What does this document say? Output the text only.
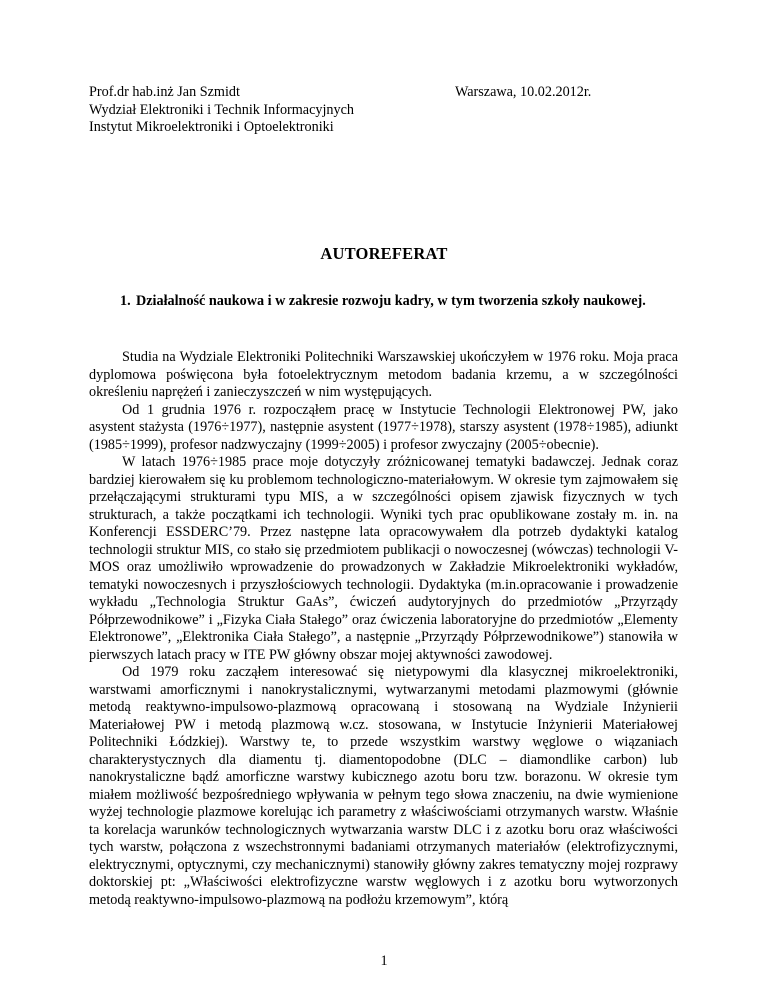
Prof.dr hab.inż Jan Szmidt
Wydział Elektroniki i Technik Informacyjnych
Instytut Mikroelektroniki i Optoelektroniki
Warszawa, 10.02.2012r.
AUTOREFERAT
1. Działalność naukowa i w zakresie rozwoju kadry, w tym tworzenia szkoły naukowej.

Studia na Wydziale Elektroniki Politechniki Warszawskiej ukończyłem w 1976 roku. Moja praca dyplomowa poświęcona była fotoelektrycznym metodom badania krzemu, a w szczególności określeniu naprężeń i zanieczyszczeń w nim występujących.

Od 1 grudnia 1976 r. rozpocząłem pracę w Instytucie Technologii Elektronowej PW, jako asystent stażysta (1976÷1977), następnie asystent (1977÷1978), starszy asystent (1978÷1985), adiunkt (1985÷1999), profesor nadzwyczajny (1999÷2005) i profesor zwyczajny (2005÷obecnie).

W latach 1976÷1985 prace moje dotyczyły zróżnicowanej tematyki badawczej. Jednak coraz bardziej kierowałem się ku problemom technologiczno-materiałowym. W okresie tym zajmowałem się przełączającymi strukturami typu MIS, a w szczególności opisem zjawisk fizycznych w tych strukturach, a także początkami ich technologii. Wyniki tych prac opublikowane zostały m. in. na Konferencji ESSDERC’79. Przez następne lata opracowywałem dla potrzeb dydaktyki katalog technologii struktur MIS, co stało się przedmiotem publikacji o nowoczesnej (wówczas) technologii V-MOS oraz umożliwiło wprowadzenie do prowadzonych w Zakładzie Mikroelektroniki wykładów, tematyki nowoczesnych i przyszłościowych technologii. Dydaktyka (m.in.opracowanie i prowadzenie wykładu „Technologia Struktur GaAs”, ćwiczeń audytoryjnych do przedmiotów „Przyrządy Półprzewodnikowe” i „Fizyka Ciała Stałego” oraz ćwiczenia laboratoryjne do przedmiotów „Elementy Elektronowe”, „Elektronika Ciała Stałego”, a następnie „Przyrządy Półprzewodnikowe”) stanowiła w pierwszych latach pracy w ITE PW główny obszar mojej aktywności zawodowej.

Od 1979 roku zacząłem interesować się nietypowymi dla klasycznej mikroelektroniki, warstwami amorficznymi i nanokrystalicznymi, wytwarzanymi metodami plazmowymi (głównie metodą reaktywno-impulsowo-plazmową opracowaną i stosowaną na Wydziale Inżynierii Materiałowej PW i metodą plazmową w.cz. stosowana, w Instytucie Inżynierii Materiałowej Politechniki Łódzkiej). Warstwy te, to przede wszystkim warstwy węglowe o wiązaniach charakterystycznych dla diamentu tj. diamentopodobne (DLC – diamondlike carbon) lub nanokrystaliczne bądź amorficzne warstwy kubicznego azotu boru tzw. borazonu. W okresie tym miałem możliwość bezpośredniego wpływania w pełnym tego słowa znaczeniu, na dwie wymienione wyżej technologie plazmowe korelując ich parametry z właściwościami otrzymanych warstw. Właśnie ta korelacja warunków technologicznych wytwarzania warstw DLC i z azotku boru oraz właściwości tych warstw, połączona z wszechstronnymi badaniami otrzymanych materiałów (elektrofizycznymi, elektrycznymi, optycznymi, czy mechanicznymi) stanowiły główny zakres tematyczny mojej rozprawy doktorskiej pt: „Właściwości elektrofizyczne warstw węglowych i z azotku boru wytworzonych metodą reaktywno-impulsowo-plazmową na podłożu krzemowym”, którą

1
